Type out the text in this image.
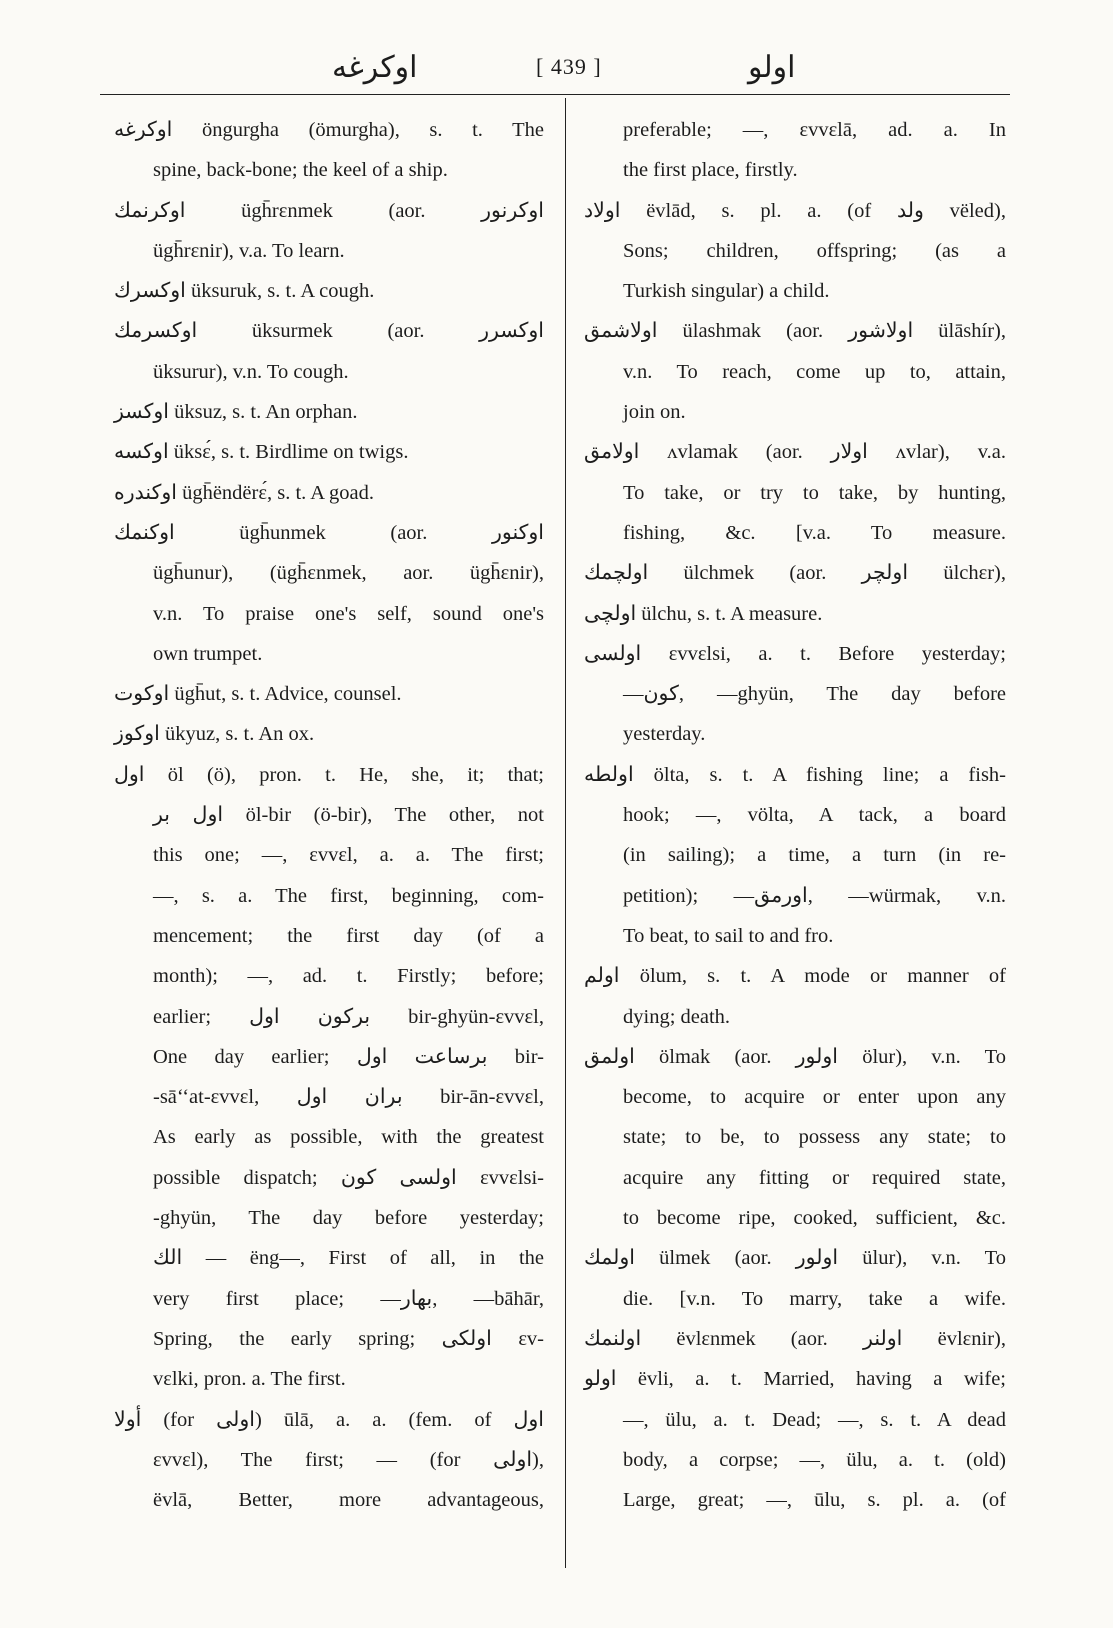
اوكرغه	[ 439 ]	اولو
اوكرغه öngurgha (ömurgha), s. t. The
spine, back-bone; the keel of a ship.
اوكرنمك ügh̄rɛnmek (aor. اوكرنور
ügh̄rɛnir), v.a. To learn.
اوكسرك üksuruk, s. t. A cough.
اوكسرمك üksurmek (aor. اوكسرر
üksurur), v.n. To cough.
اوكسز üksuz, s. t. An orphan.
اوكسه üksɛ́, s. t. Birdlime on twigs.
اوكندره ügh̄ëndërɛ́, s. t. A goad.
اوكنمك ügh̄unmek (aor. اوكنور
ügh̄unur), (ügh̄ɛnmek, aor. ügh̄ɛnir),
v.n. To praise one's self, sound one's
own trumpet.
اوكوت ügh̄ut, s. t. Advice, counsel.
اوكوز ükyuz, s. t. An ox.
اول öl (ö), pron. t. He, she, it; that;
اول بر öl-bir (ö-bir), The other, not
this one; —, ɛvvɛl, a. a. The first;
—, s. a. The first, beginning, com-
mencement; the first day (of a
month); —, ad. t. Firstly; before;
earlier; بركون اول bir-ghyün-ɛvvɛl,
One day earlier; برساعت اول bir-
-sā‘‘at-ɛvvɛl, بران اول bir-ān-ɛvvɛl,
As early as possible, with the greatest
possible dispatch; اولسى كون ɛvvɛlsi-
-ghyün, The day before yesterday;
الك — ëng—, First of all, in the
very first place; —بهار, —bāhār,
Spring, the early spring; اولكى ɛv-
vɛlki, pron. a. The first.
أولا (for اولى) ūlā, a. a. (fem. of اول
ɛvvɛl), The first; — (for اولى),
ëvlā, Better, more advantageous,
preferable; —, ɛvvɛlā, ad. a. In
the first place, firstly.
اولاد ëvlād, s. pl. a. (of ولد vëled),
Sons; children, offspring; (as a
Turkish singular) a child.
اولاشمق ülashmak (aor. اولاشور ülāshír),
v.n. To reach, come up to, attain,
join on.
اولامق ʌvlamak (aor. اولار ʌvlar), v.a.
To take, or try to take, by hunting,
fishing, &c. [v.a. To measure.
اولچمك ülchmek (aor. اولچر ülchɛr),
اولچى ülchu, s. t. A measure.
اولسى ɛvvɛlsi, a. t. Before yesterday;
—كون, —ghyün, The day before
yesterday.
اولطه ölta, s. t. A fishing line; a fish-
hook; —, völta, A tack, a board
(in sailing); a time, a turn (in re-
petition); —اورمق, —würmak, v.n.
To beat, to sail to and fro.
اولم ölum, s. t. A mode or manner of
dying; death.
اولمق ölmak (aor. اولور ölur), v.n. To
become, to acquire or enter upon any
state; to be, to possess any state; to
acquire any fitting or required state,
to become ripe, cooked, sufficient, &c.
اولمك ülmek (aor. اولور ülur), v.n. To
die. [v.n. To marry, take a wife.
اولنمك ëvlɛnmek (aor. اولنر ëvlɛnir),
اولو ëvli, a. t. Married, having a wife;
—, ülu, a. t. Dead; —, s. t. A dead
body, a corpse; —, ülu, a. t. (old)
Large, great; —, ūlu, s. pl. a. (of
